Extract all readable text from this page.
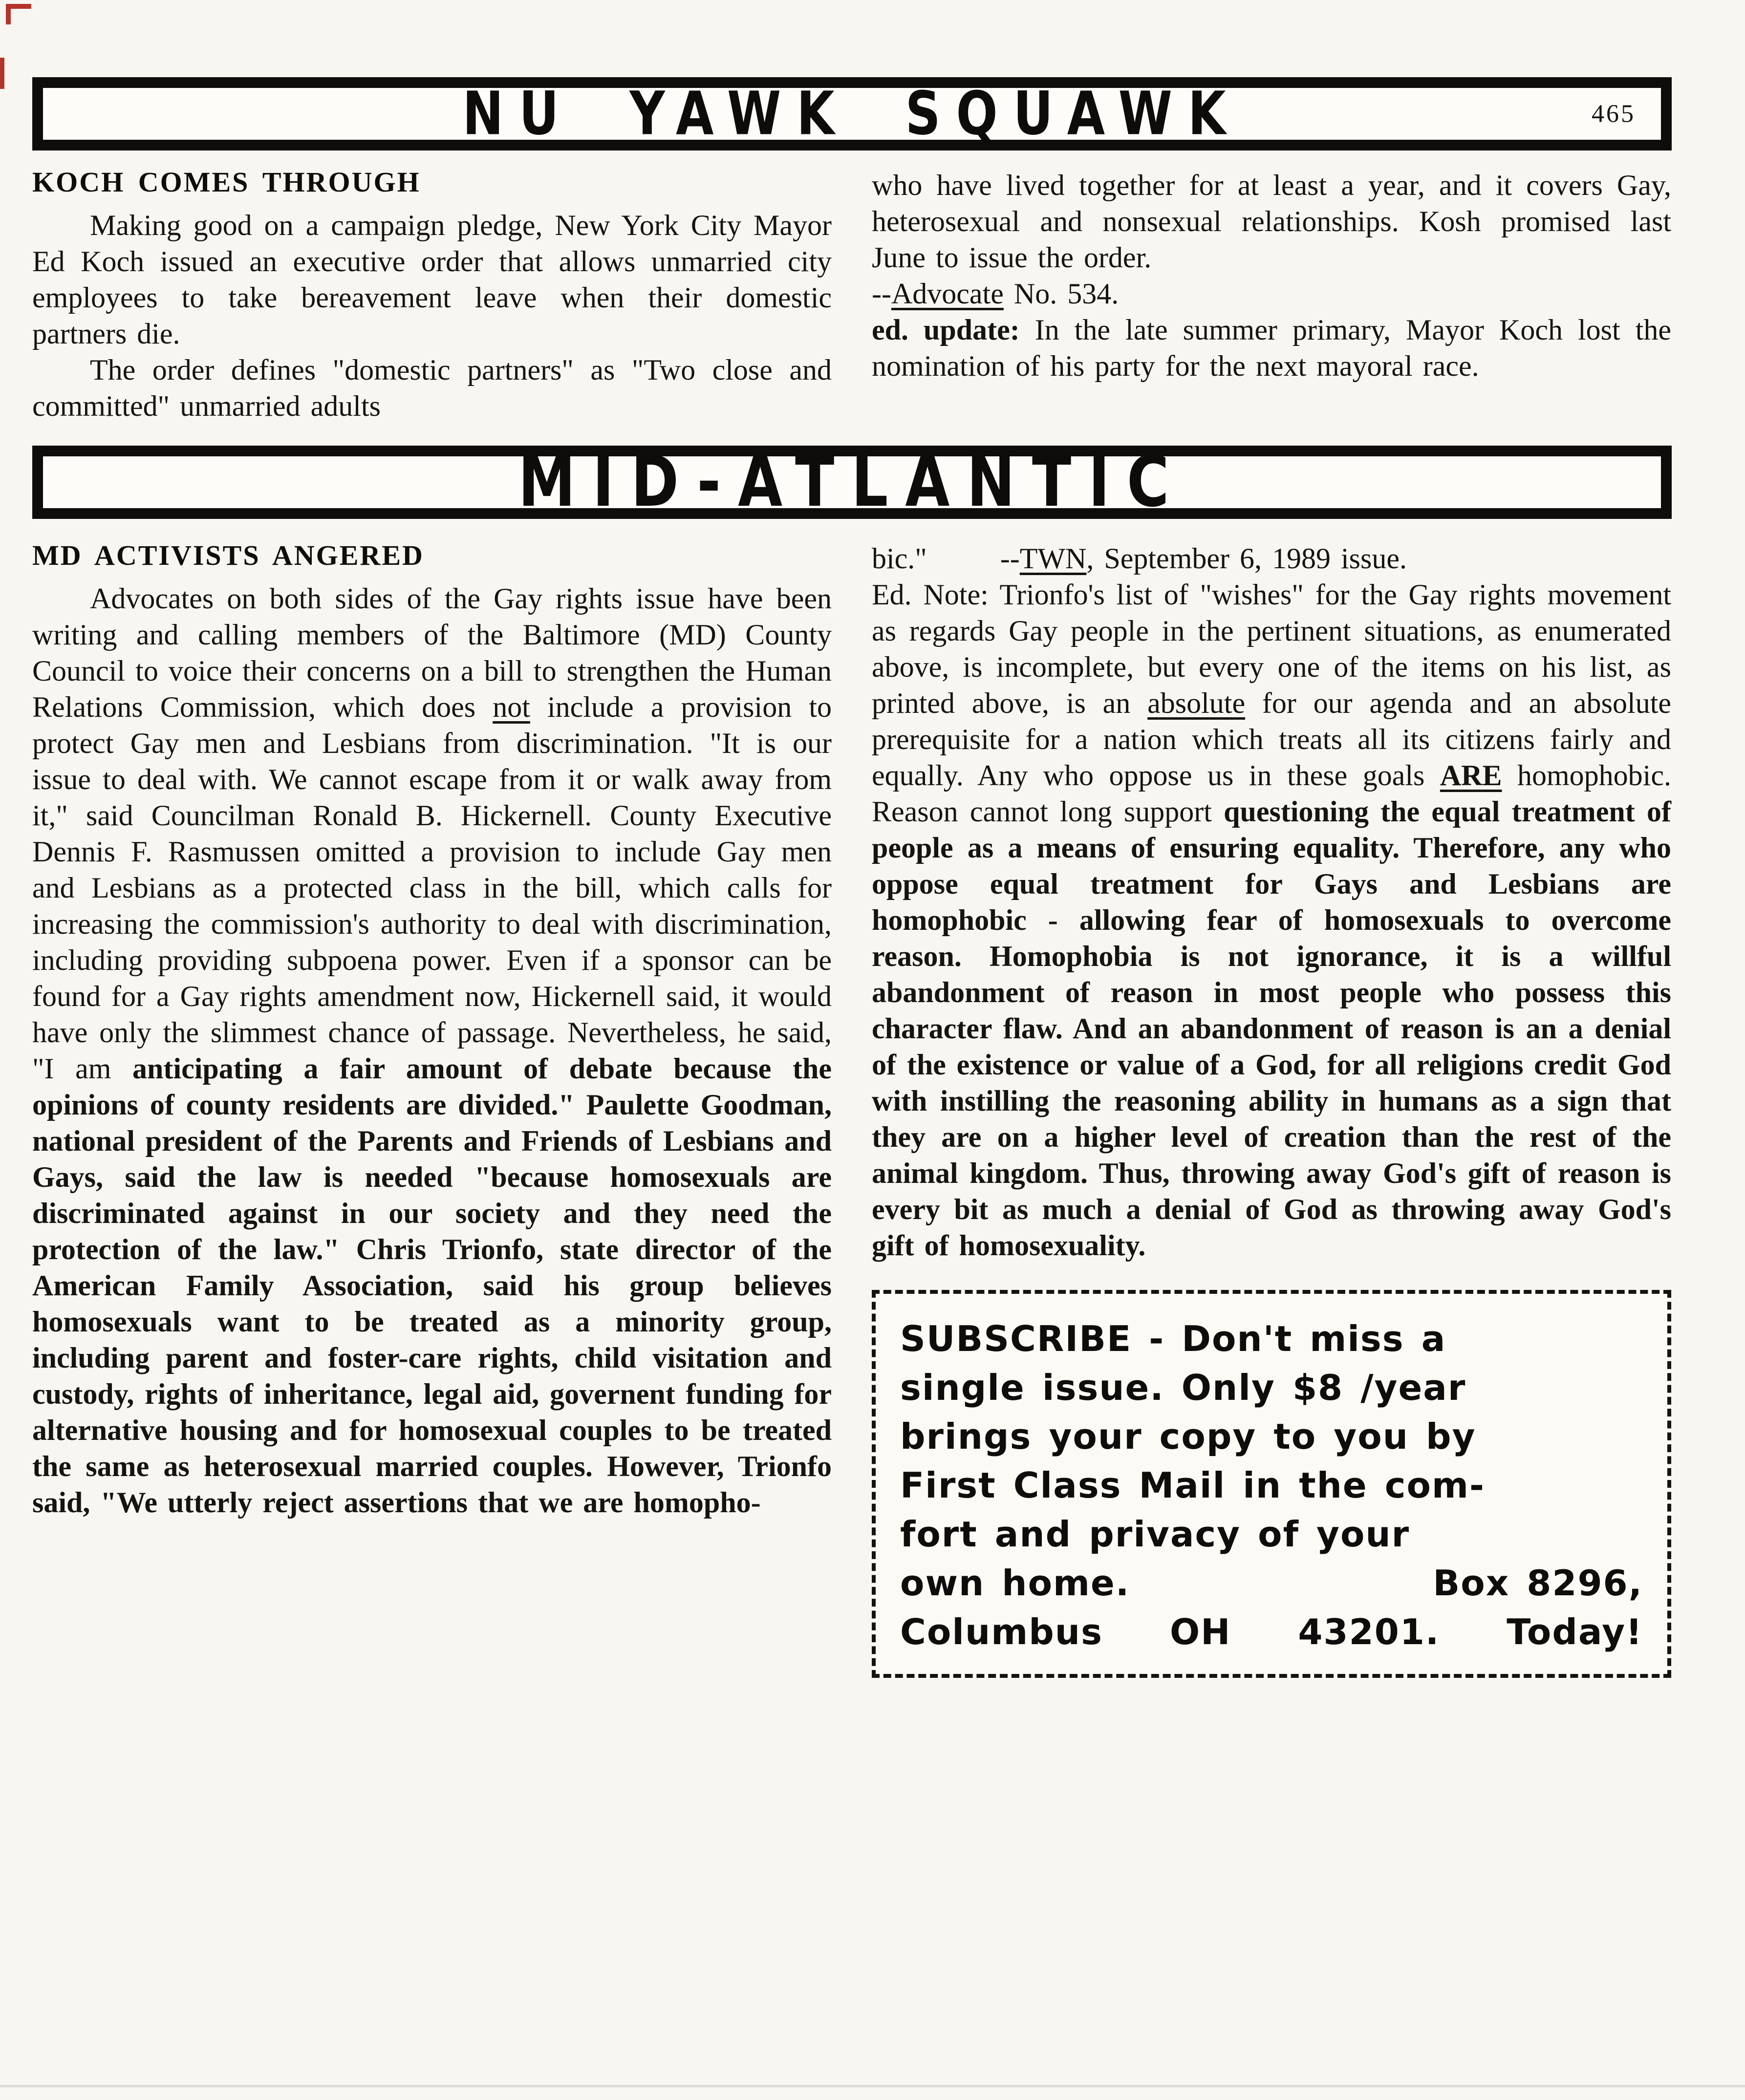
NU YAWK SQUAWK	465
KOCH COMES THROUGH

Making good on a campaign pledge, New York City Mayor Ed Koch issued an executive order that allows unmarried city employees to take bereavement leave when their domestic partners die.

The order defines "domestic partners" as "Two close and committed" unmarried adults

who have lived together for at least a year, and it covers Gay, heterosexual and nonsexual relationships. Kosh promised last June to issue the order.

--Advocate No. 534.

ed. update: In the late summer primary, Mayor Koch lost the nomination of his party for the next mayoral race.

MID-ATLANTIC
MD ACTIVISTS ANGERED

Advocates on both sides of the Gay rights issue have been writing and calling members of the Baltimore (MD) County Council to voice their concerns on a bill to strengthen the Human Relations Commission, which does not include a provision to protect Gay men and Lesbians from discrimination. "It is our issue to deal with. We cannot escape from it or walk away from it," said Councilman Ronald B. Hickernell. County Executive Dennis F. Rasmussen omitted a provision to include Gay men and Lesbians as a protected class in the bill, which calls for increasing the commission's authority to deal with discrimination, including providing subpoena power. Even if a sponsor can be found for a Gay rights amendment now, Hickernell said, it would have only the slimmest chance of passage. Nevertheless, he said, "I am anticipating a fair amount of debate because the opinions of county residents are divided." Paulette Goodman, national president of the Parents and Friends of Lesbians and Gays, said the law is needed "because homosexuals are discriminated against in our society and they need the protection of the law." Chris Trionfo, state director of the American Family Association, said his group believes homosexuals want to be treated as a minority group, including parent and foster-care rights, child visitation and custody, rights of inheritance, legal aid, governent funding for alternative housing and for homosexual couples to be treated the same as heterosexual married couples. However, Trionfo said, "We utterly reject assertions that we are homopho-

bic."	--TWN, September 6, 1989 issue.

Ed. Note: Trionfo's list of "wishes" for the Gay rights movement as regards Gay people in the pertinent situations, as enumerated above, is incomplete, but every one of the items on his list, as printed above, is an absolute for our agenda and an absolute prerequisite for a nation which treats all its citizens fairly and equally. Any who oppose us in these goals ARE homophobic. Reason cannot long support questioning the equal treatment of people as a means of ensuring equality. Therefore, any who oppose equal treatment for Gays and Lesbians are homophobic - allowing fear of homosexuals to overcome reason. Homophobia is not ignorance, it is a willful abandonment of reason in most people who possess this character flaw. And an abandonment of reason is an a denial of the existence or value of a God, for all religions credit God with instilling the reasoning ability in humans as a sign that they are on a higher level of creation than the rest of the animal kingdom. Thus, throwing away God's gift of reason is every bit as much a denial of God as throwing away God's gift of homosexuality.

SUBSCRIBE - Don't miss a
single issue. Only $8 /year
brings your copy to you by
First Class Mail in the com-
fort and privacy of your
own home.	Box 8296,
Columbus OH 43201. Today!
